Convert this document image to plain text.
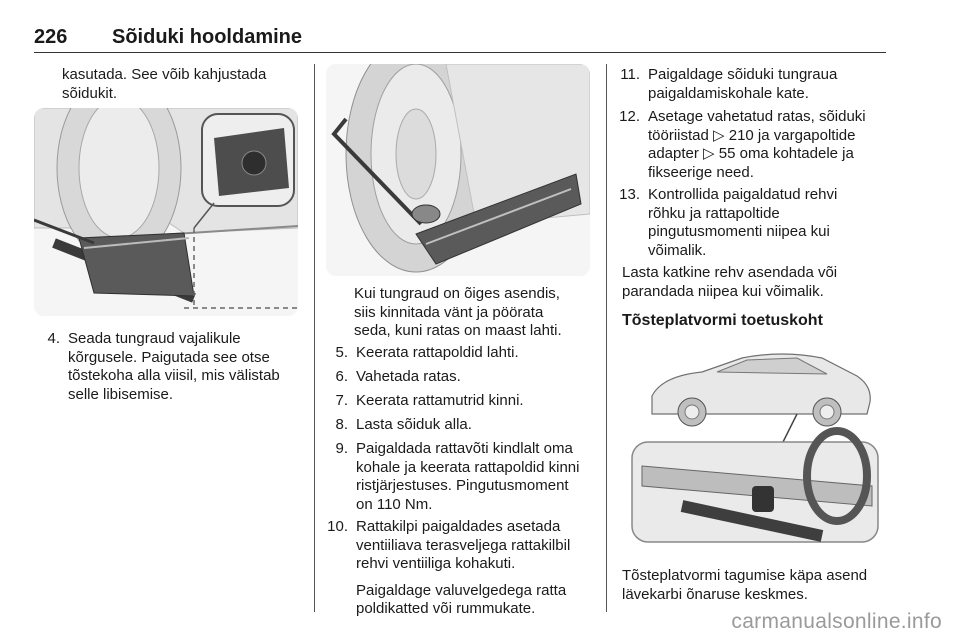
226 Sõiduki hooldamine

kasutada. See võib kahjustada

sõidukit.

4. Seada tungraud vajalikule
kõrgusele. Paigutada see otse
tõstekoha alla viisil, mis välistab
selle libisemise.

Kui tungraud on õiges asendis,

siis kinnitada vänt ja pöörata

seda, kuni ratas on maast lahti.

5. Keerata rattapoldid lahti.
6. Vahetada ratas.
7. Keerata rattamutrid kinni.
8. Lasta sõiduk alla.
9. Paigaldada rattavõti kindlalt oma
kohale ja keerata rattapoldid kinni
ristjärjestuses. Pingutusmoment
on 110 Nm.
10. Rattakilpi paigaldades asetada
ventiiliava terasveljega rattakilbil
rehvi ventiiliga kohakuti.
Paigaldage valuvelgedega ratta
poldikatted või rummukate.
11. Paigaldage sõiduki tungraua
paigaldamiskohale kate.
12. Asetage vahetatud ratas, sõiduki
tööriistad ▷ 210 ja vargapoltide
adapter ▷ 55 oma kohtadele ja
fikseerige need.
13. Kontrollida paigaldatud rehvi
rõhku ja rattapoltide
pingutusmomenti niipea kui
võimalik.

Lasta katkine rehv asendada või

parandada niipea kui võimalik.

Tõsteplatvormi toetuskoht

Tõsteplatvormi tagumise käpa asend

lävekarbi õnaruse keskmes.

carmanualsonline.info
